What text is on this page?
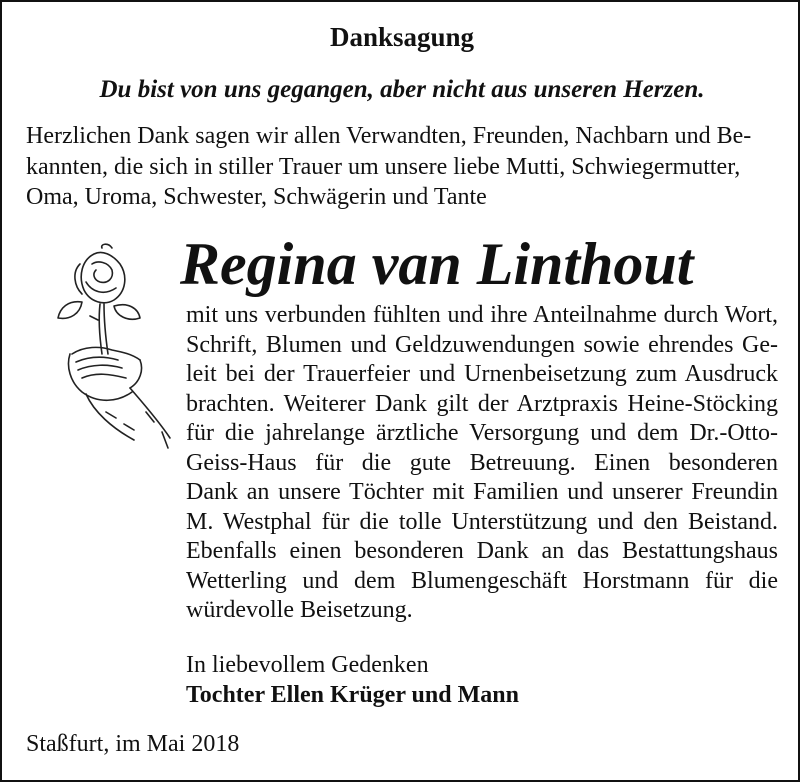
Danksagung
Du bist von uns gegangen, aber nicht aus unseren Herzen.
Herzlichen Dank sagen wir allen Verwandten, Freunden, Nachbarn und Be-
kannten, die sich in stiller Trauer um unsere liebe Mutti, Schwiegermutter,
Oma, Uroma, Schwester, Schwägerin und Tante
Regina van Linthout
mit uns verbunden fühlten und ihre Anteilnahme durch Wort,
Schrift, Blumen und Geldzuwendungen sowie ehrendes Ge-
leit bei der Trauerfeier und Urnenbeisetzung zum Ausdruck
brachten. Weiterer Dank gilt der Arztpraxis Heine-Stöcking
für die jahrelange ärztliche Versorgung und dem Dr.-Otto-
Geiss-Haus für die gute Betreuung. Einen besonderen
Dank an unsere Töchter mit Familien und unserer Freundin
M. Westphal für die tolle Unterstützung und den Beistand.
Ebenfalls einen besonderen Dank an das Bestattungshaus
Wetterling und dem Blumengeschäft Horstmann für die
würdevolle Beisetzung.
In liebevollem Gedenken
Tochter Ellen Krüger und Mann
Staßfurt, im Mai 2018
